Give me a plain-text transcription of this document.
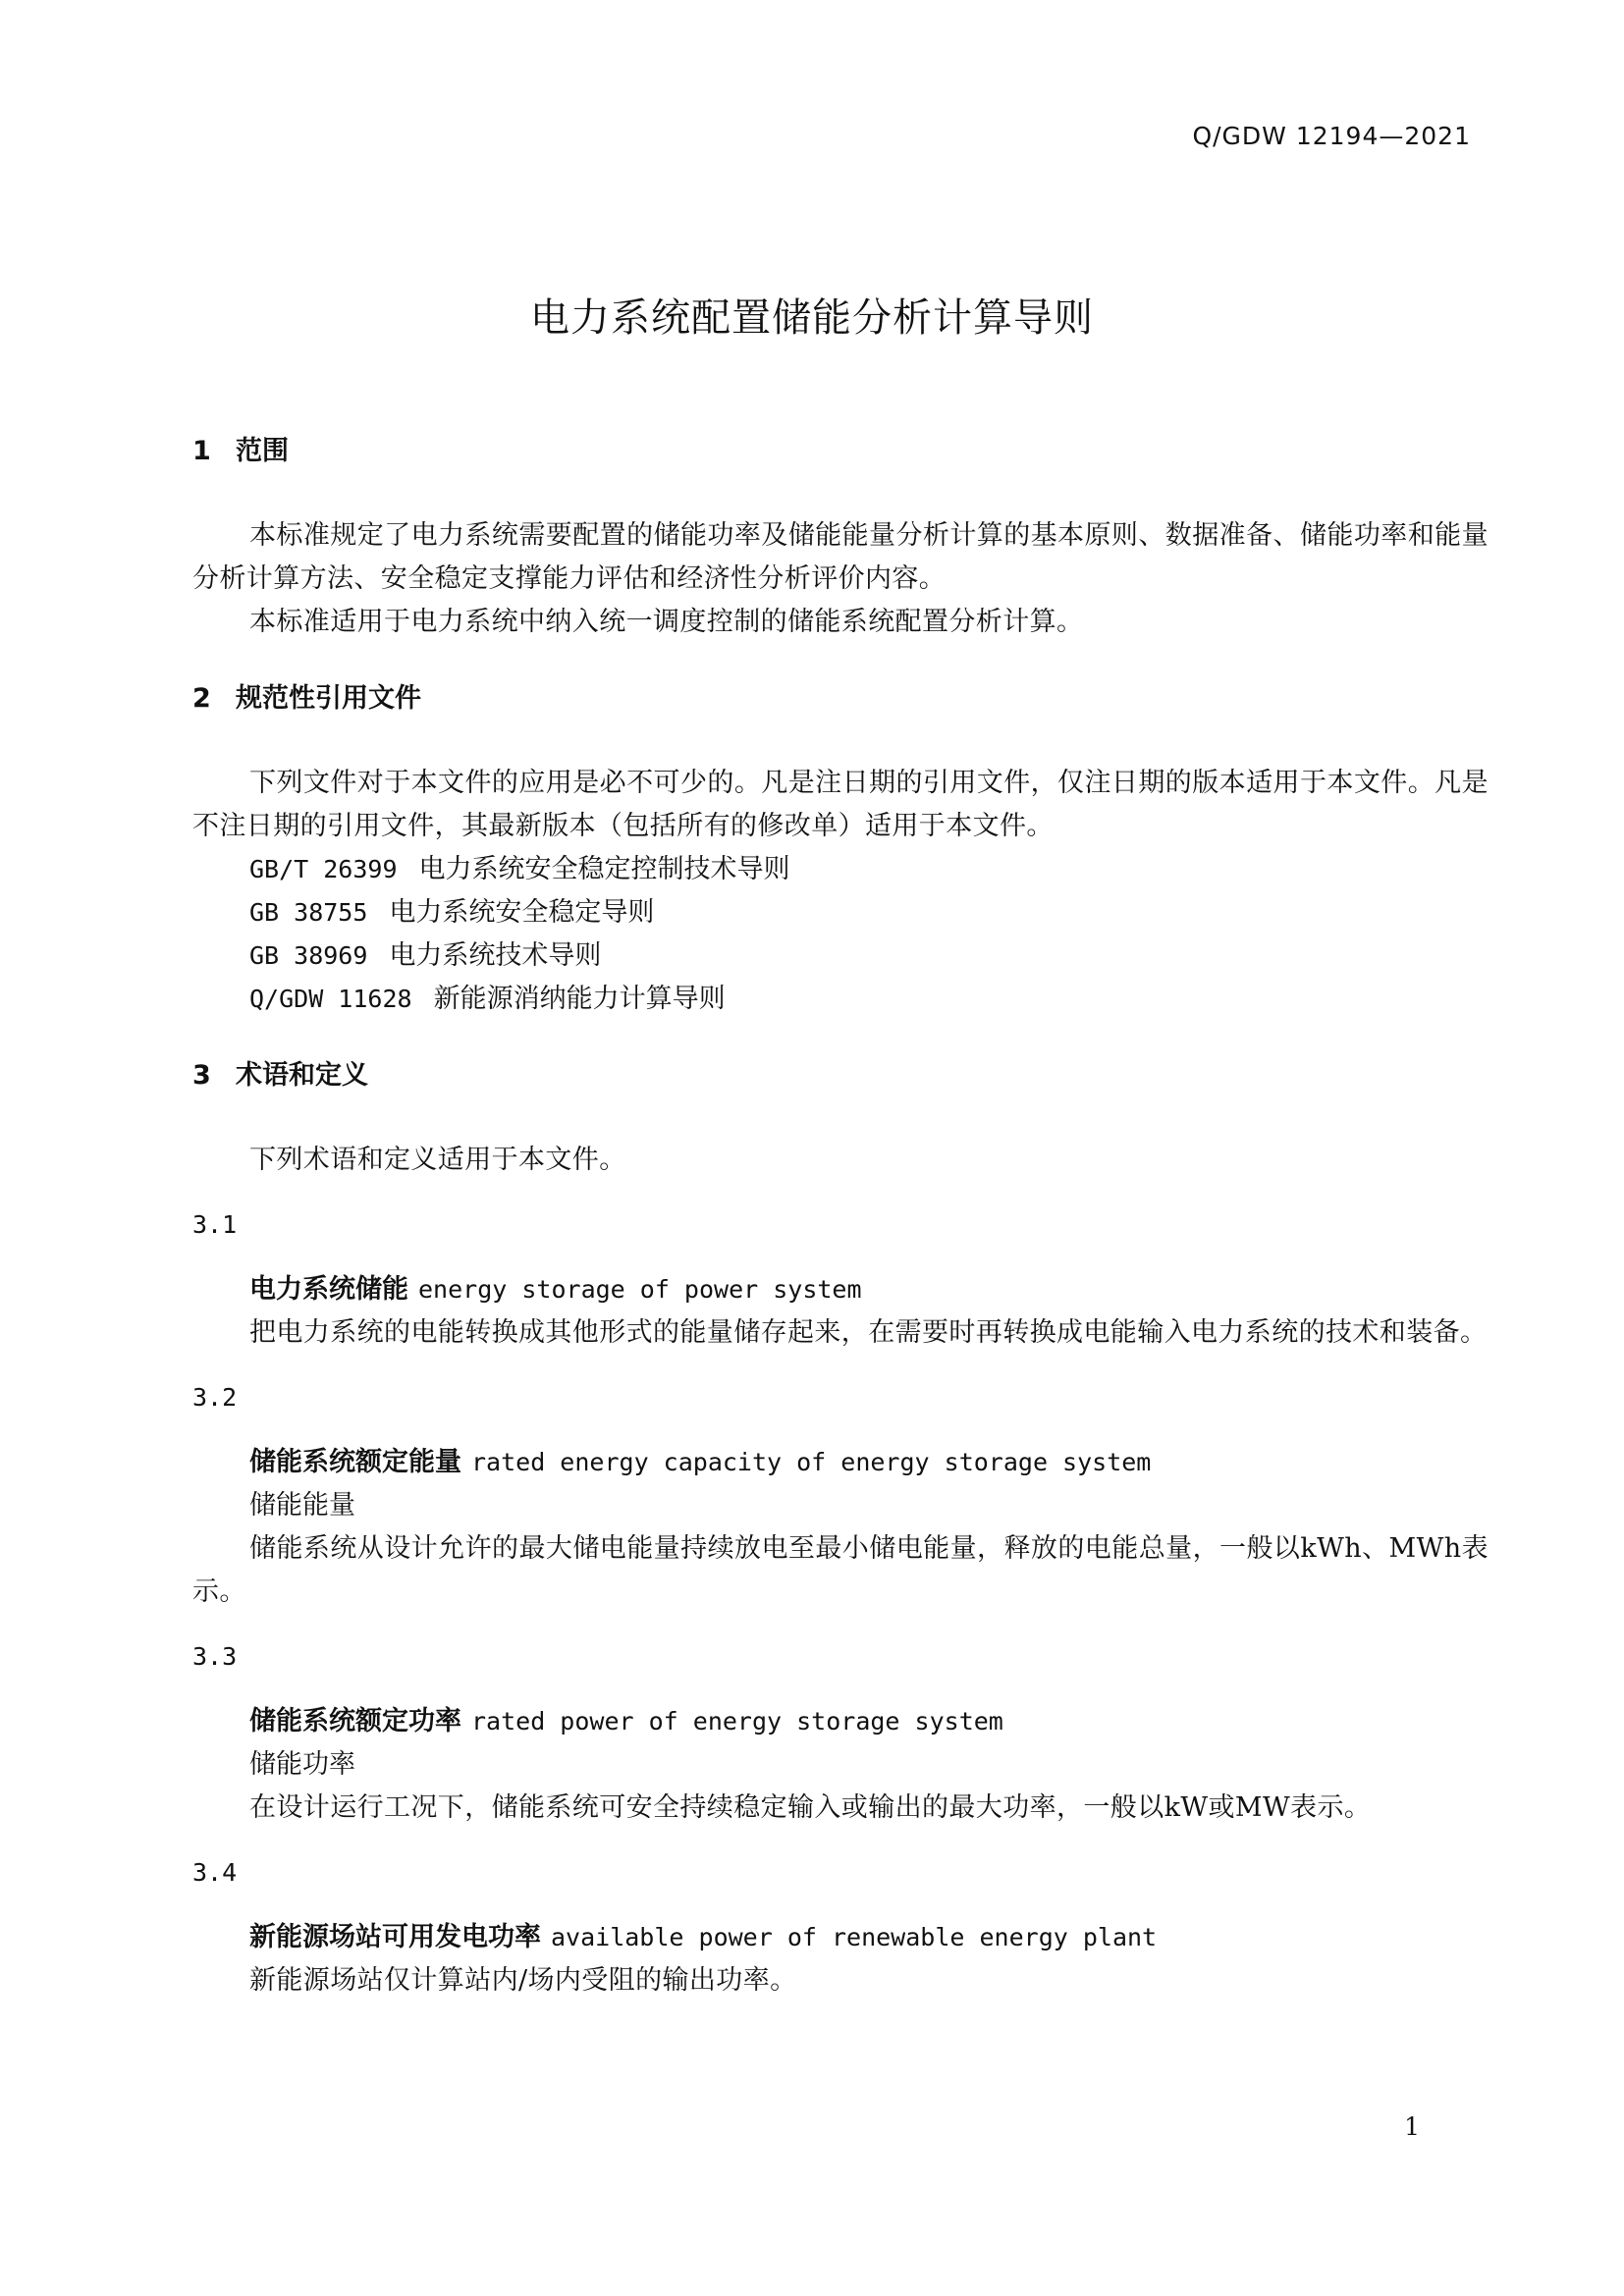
Q/GDW 12194—2021
电力系统配置储能分析计算导则
1 范围

本标准规定了电力系统需要配置的储能功率及储能能量分析计算的基本原则、数据准备、储能功率和能量分析计算方法、安全稳定支撑能力评估和经济性分析评价内容。

本标准适用于电力系统中纳入统一调度控制的储能系统配置分析计算。

2 规范性引用文件

下列文件对于本文件的应用是必不可少的。凡是注日期的引用文件，仅注日期的版本适用于本文件。凡是不注日期的引用文件，其最新版本（包括所有的修改单）适用于本文件。

GB/T 26399 电力系统安全稳定控制技术导则
GB 38755 电力系统安全稳定导则
GB 38969 电力系统技术导则
Q/GDW 11628 新能源消纳能力计算导则
3 术语和定义

下列术语和定义适用于本文件。

3.1
电力系统储能 energy storage of power system

把电力系统的电能转换成其他形式的能量储存起来，在需要时再转换成电能输入电力系统的技术和装备。

3.2
储能系统额定能量 rated energy capacity of energy storage system
储能能量

储能系统从设计允许的最大储电能量持续放电至最小储电能量，释放的电能总量，一般以kWh、MWh表示。

3.3
储能系统额定功率 rated power of energy storage system
储能功率

在设计运行工况下，储能系统可安全持续稳定输入或输出的最大功率，一般以kW或MW表示。

3.4
新能源场站可用发电功率 available power of renewable energy plant

新能源场站仅计算站内/场内受阻的输出功率。

1
